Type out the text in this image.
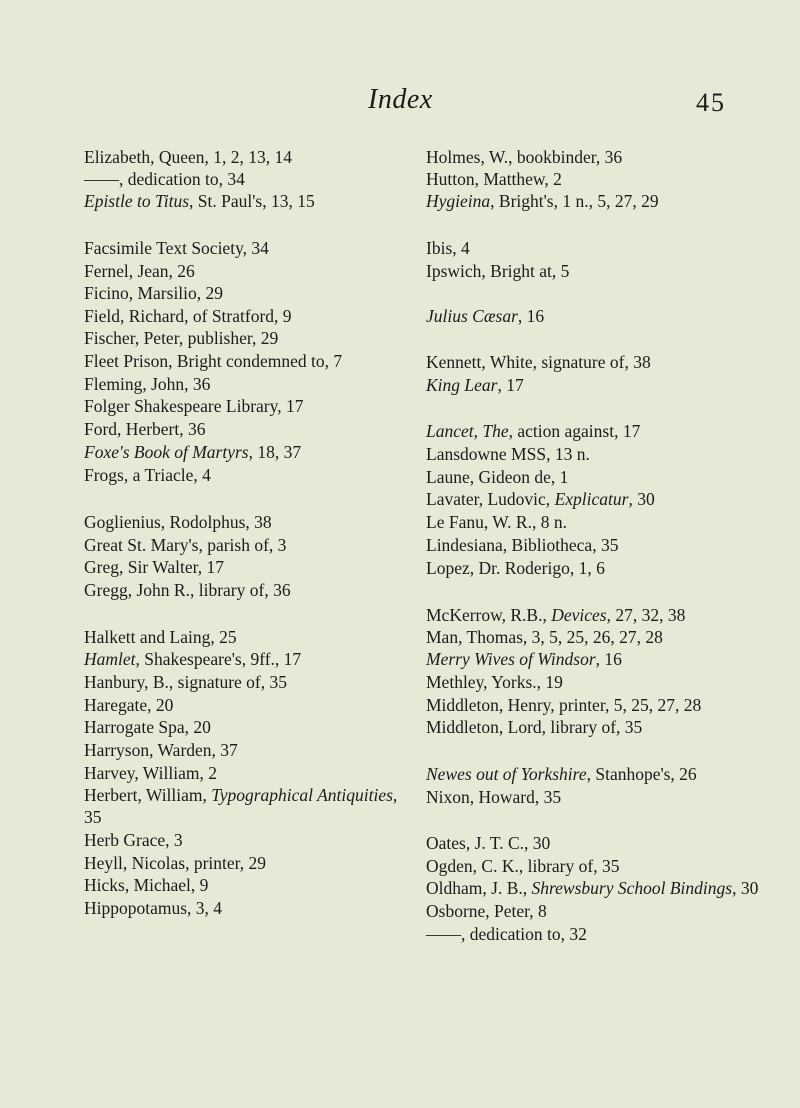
Index	45
Elizabeth, Queen, 1, 2, 13, 14
——, dedication to, 34
Epistle to Titus, St. Paul's, 13, 15
Facsimile Text Society, 34
Fernel, Jean, 26
Ficino, Marsilio, 29
Field, Richard, of Stratford, 9
Fischer, Peter, publisher, 29
Fleet Prison, Bright condemned to, 7
Fleming, John, 36
Folger Shakespeare Library, 17
Ford, Herbert, 36
Foxe's Book of Martyrs, 18, 37
Frogs, a Triacle, 4
Goglienius, Rodolphus, 38
Great St. Mary's, parish of, 3
Greg, Sir Walter, 17
Gregg, John R., library of, 36
Halkett and Laing, 25
Hamlet, Shakespeare's, 9ff., 17
Hanbury, B., signature of, 35
Haregate, 20
Harrogate Spa, 20
Harryson, Warden, 37
Harvey, William, 2
Herbert, William, Typographical Antiquities,
35
Herb Grace, 3
Heyll, Nicolas, printer, 29
Hicks, Michael, 9
Hippopotamus, 3, 4
Holmes, W., bookbinder, 36
Hutton, Matthew, 2
Hygieina, Bright's, 1 n., 5, 27, 29
Ibis, 4
Ipswich, Bright at, 5
Julius Cæsar, 16
Kennett, White, signature of, 38
King Lear, 17
Lancet, The, action against, 17
Lansdowne MSS, 13 n.
Laune, Gideon de, 1
Lavater, Ludovic, Explicatur, 30
Le Fanu, W. R., 8 n.
Lindesiana, Bibliotheca, 35
Lopez, Dr. Roderigo, 1, 6
McKerrow, R.B., Devices, 27, 32, 38
Man, Thomas, 3, 5, 25, 26, 27, 28
Merry Wives of Windsor, 16
Methley, Yorks., 19
Middleton, Henry, printer, 5, 25, 27, 28
Middleton, Lord, library of, 35
Newes out of Yorkshire, Stanhope's, 26
Nixon, Howard, 35
Oates, J. T. C., 30
Ogden, C. K., library of, 35
Oldham, J. B., Shrewsbury School Bindings, 30
Osborne, Peter, 8
——, dedication to, 32
